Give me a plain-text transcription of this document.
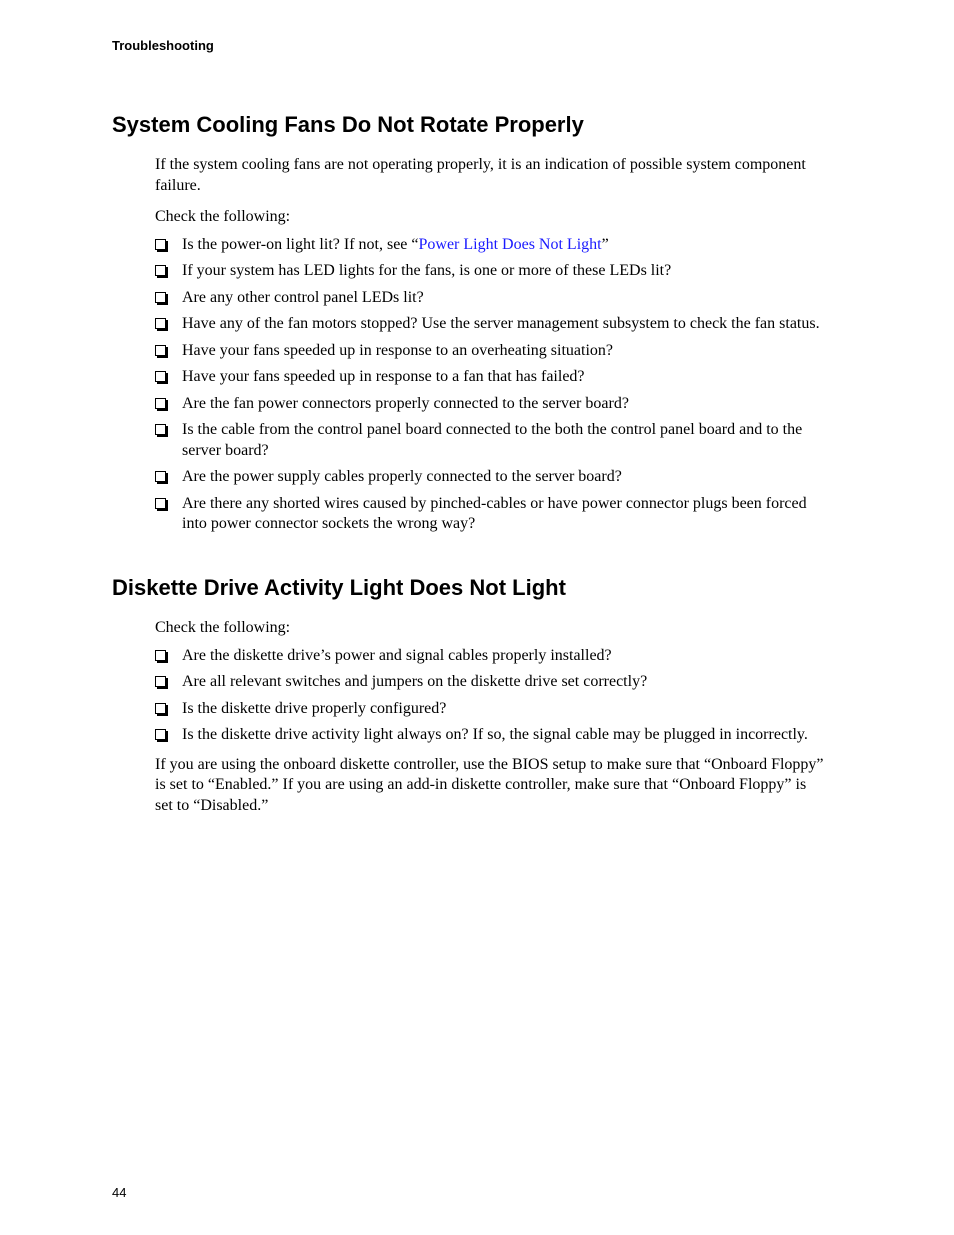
Troubleshooting
System Cooling Fans Do Not Rotate Properly

If the system cooling fans are not operating properly, it is an indication of possible system component failure.

Check the following:

Is the power-on light lit? If not, see “Power Light Does Not Light”
If your system has LED lights for the fans, is one or more of these LEDs lit?
Are any other control panel LEDs lit?
Have any of the fan motors stopped? Use the server management subsystem to check the fan status.
Have your fans speeded up in response to an overheating situation?
Have your fans speeded up in response to a fan that has failed?
Are the fan power connectors properly connected to the server board?
Is the cable from the control panel board connected to the both the control panel board and to the server board?
Are the power supply cables properly connected to the server board?
Are there any shorted wires caused by pinched-cables or have power connector plugs been forced into power connector sockets the wrong way?
Diskette Drive Activity Light Does Not Light

Check the following:

Are the diskette drive’s power and signal cables properly installed?
Are all relevant switches and jumpers on the diskette drive set correctly?
Is the diskette drive properly configured?
Is the diskette drive activity light always on? If so, the signal cable may be plugged in incorrectly.

If you are using the onboard diskette controller, use the BIOS setup to make sure that “Onboard Floppy” is set to “Enabled.” If you are using an add-in diskette controller, make sure that “Onboard Floppy” is set to “Disabled.”

44
